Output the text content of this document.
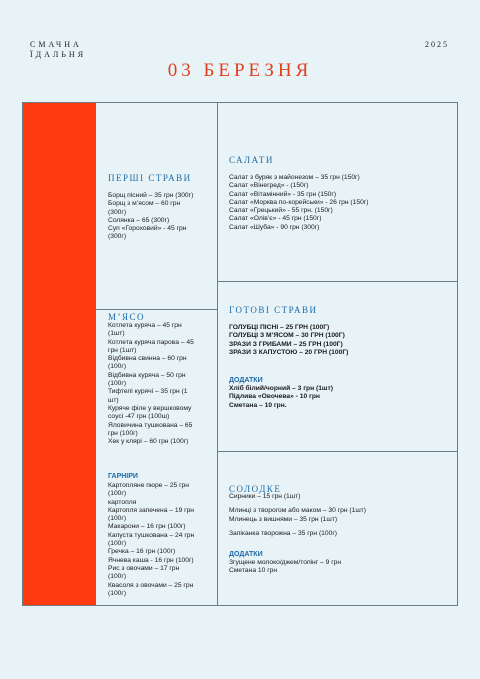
СМАЧНА
ЇДАЛЬНЯ
2025
03 БЕРЕЗНЯ
ПЕРШІ СТРАВИ
Борщ пісний – 35 грн (300г)
Борщ з м’ясом – 60 грн
(300г)
Солянка – 65 (300г)
Суп «Гороховий» - 45 грн
(300г)
М’ЯСО
Котлета куряча – 45 грн
(1шт)
Котлета куряча парова – 45
грн (1шт)
Відбивна свинна – 60 грн
(100г)
Відбивна куряча – 50 грн
(100г)
Тифтелі курячі – 35 грн (1
шт)
Куряче філе у вершковому
соусі -47 грн (100ш)
Яловичина тушкована – 65
грн (100г)
Хек у клярі – 60 грн (100г)
ГАРНІРИ
Картопляне пюре – 25 грн
(100г)
картопля
Картопля запечена – 19 грн
(100г)
Макарони – 16 грн (100г)
Капуста тушкована – 24 грн
(100г)
Гречка – 16 грн (100г)
Ячнева каша - 16 грн (100г)
Рис з овочами – 17 грн
(100г)
Квасоля з овочами – 25 грн
(100г)
САЛАТИ
Салат з буряк з майонезом – 35 грн (150г)
Салат «Вінегред» - (150г)
Салат «Вітамінний» - 35 грн (150г)
Салат «Морква по-корейськи» - 26 грн (150г)
Салат «Грецький» - 55 грн. (150г)
Салат «Олів’є» - 45 грн (150г)
Салат «Шуба» - 90 грн (300г)
ГОТОВІ СТРАВИ
ГОЛУБЦІ ПІСНІ – 25 ГРН (100Г)
ГОЛУБЦІ З М’ЯСОМ – 30 ГРН (100Г)
ЗРАЗИ З ГРИБАМИ – 25 ГРН (100Г)
ЗРАЗИ З КАПУСТОЮ – 20 ГРН (100Г)
ДОДАТКИ
Хліб білий/чорний – 3 грн (1шт)
Підлива «Овочева» - 10 грн
Сметана – 10 грн.
СОЛОДКЕ
Сирники – 15 грн (1шт)
Млинці з творогом або маком – 30 грн (1шт)
Млинець з вишнями – 35 грн (1шт)
Запіканка творожна – 35 грн (100г)
ДОДАТКИ
Згущене молоко/джем/топінг – 9 грн
Сметана 10 грн
